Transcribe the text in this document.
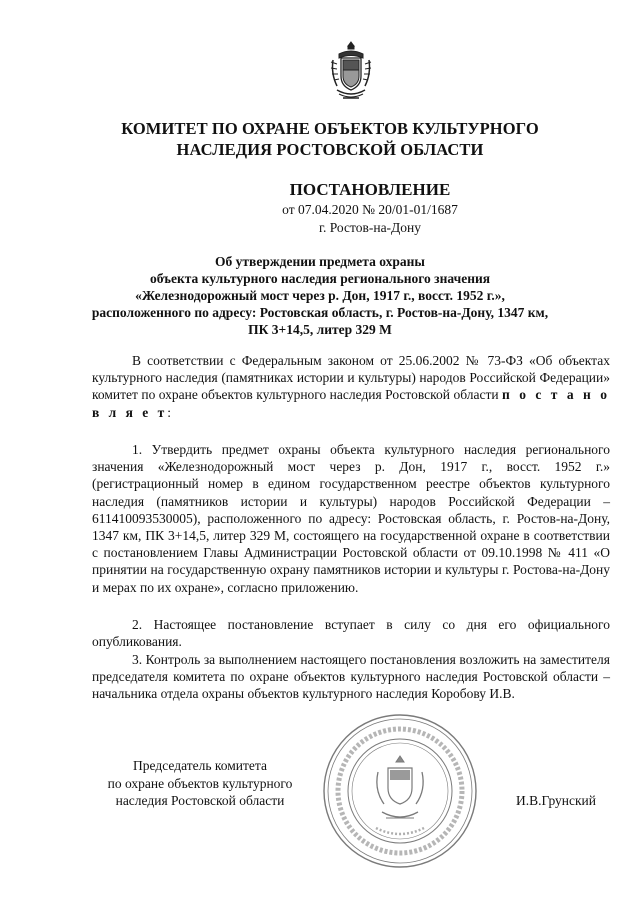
КОМИТЕТ ПО ОХРАНЕ ОБЪЕКТОВ КУЛЬТУРНОГО
НАСЛЕДИЯ РОСТОВСКОЙ ОБЛАСТИ
ПОСТАНОВЛЕНИЕ
от 07.04.2020 № 20/01-01/1687
г. Ростов-на-Дону
Об утверждении предмета охраны
объекта культурного наследия регионального значения
«Железнодорожный мост через р. Дон, 1917 г., восст. 1952 г.»,
расположенного по адресу: Ростовская область, г. Ростов-на-Дону, 1347 км,
ПК 3+14,5, литер 329 М

В соответствии с Федеральным законом от 25.06.2002 № 73-ФЗ «Об объектах культурного наследия (памятниках истории и культуры) народов Российской Федерации» комитет по охране объектов культурного наследия Ростовской области п о с т а н о в л я е т:

1. Утвердить предмет охраны объекта культурного наследия регионального значения «Железнодорожный мост через р. Дон, 1917 г., восст. 1952 г.» (регистрационный номер в едином государственном реестре объектов культурного наследия (памятников истории и культуры) народов Российской Федерации – 611410093530005), расположенного по адресу: Ростовская область, г. Ростов-на-Дону, 1347 км, ПК 3+14,5, литер 329 М, состоящего на государственной охране в соответствии с постановлением Главы Администрации Ростовской области от 09.10.1998 № 411 «О принятии на государственную охрану памятников истории и культуры г. Ростова-на-Дону и мерах по их охране», согласно приложению.

2. Настоящее постановление вступает в силу со дня его официального опубликования.

3. Контроль за выполнением настоящего постановления возложить на заместителя председателя комитета по охране объектов культурного наследия Ростовской области – начальника отдела охраны объектов культурного наследия Коробову И.В.

Председатель комитета
по охране объектов культурного
наследия Ростовской области	И.В.Грунский
